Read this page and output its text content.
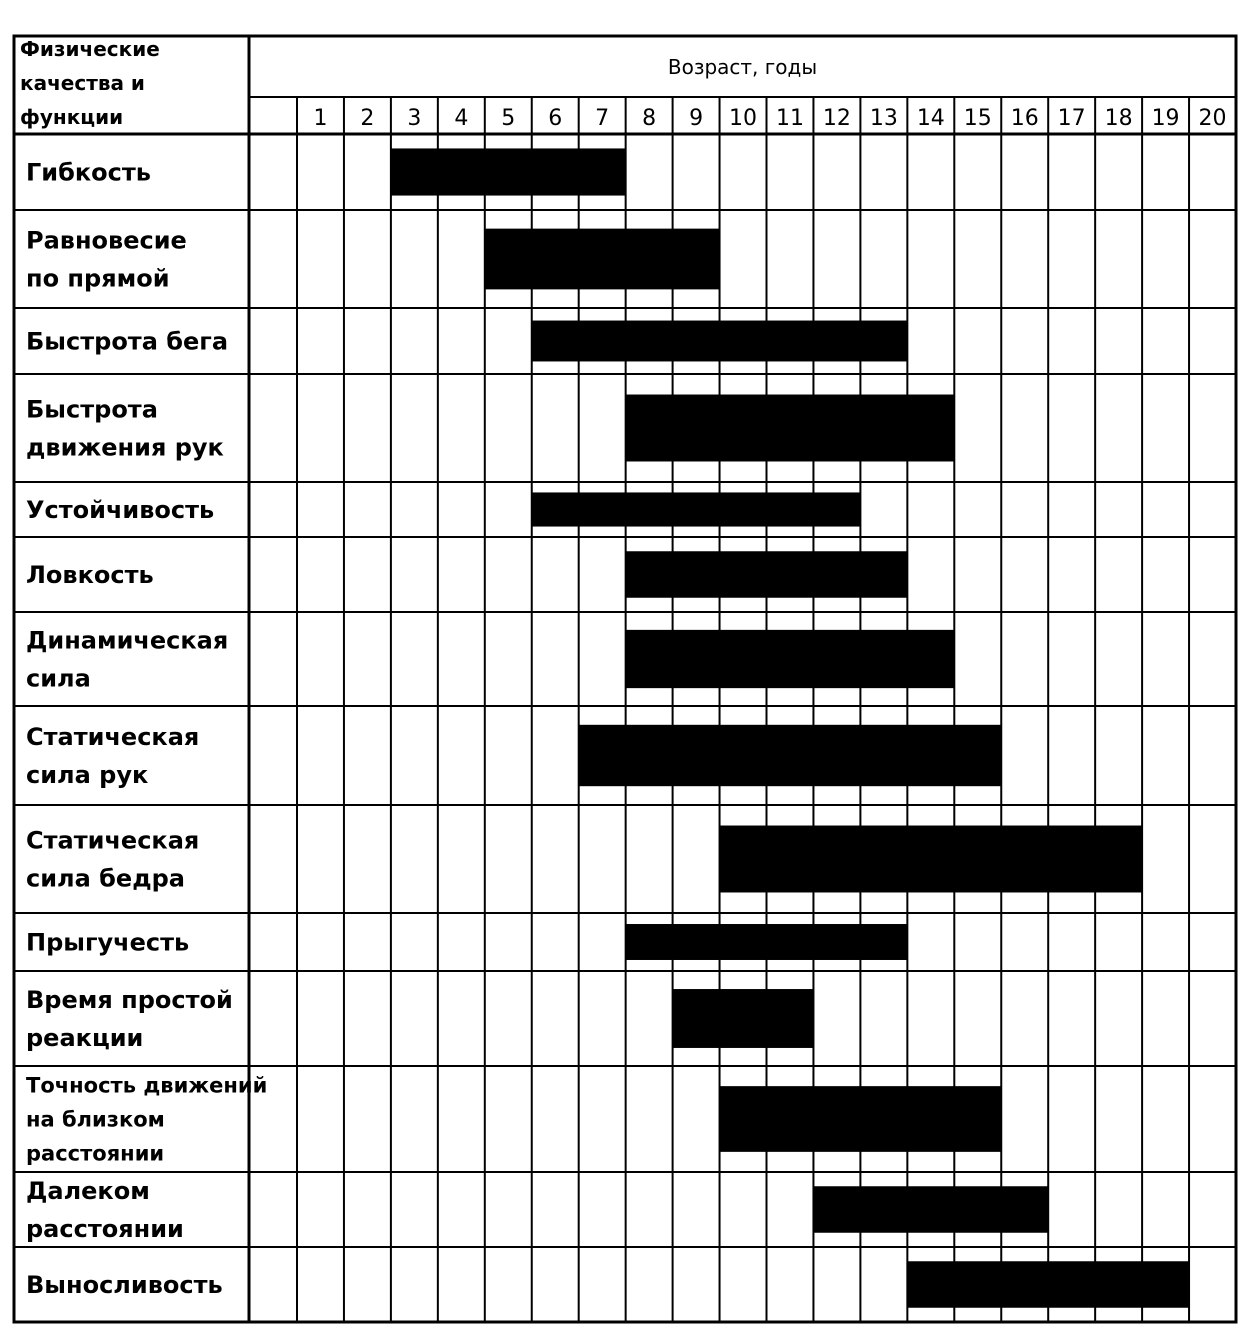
Физические
качества и
функции
Возраст, годы
1 2 3 4 5 6 7 8 9 10 11 12 13 14 15 16 17 18 19 20
Гибкость
Равновесие
по прямой
Быстрота бега
Быстрота
движения рук
Устойчивость
Ловкость
Динамическая
сила
Статическая
сила рук
Статическая
сила бедра
Прыгучесть
Время простой
реакции
Точность движений
на близком
расстоянии
Далеком
расстоянии
Выносливость
